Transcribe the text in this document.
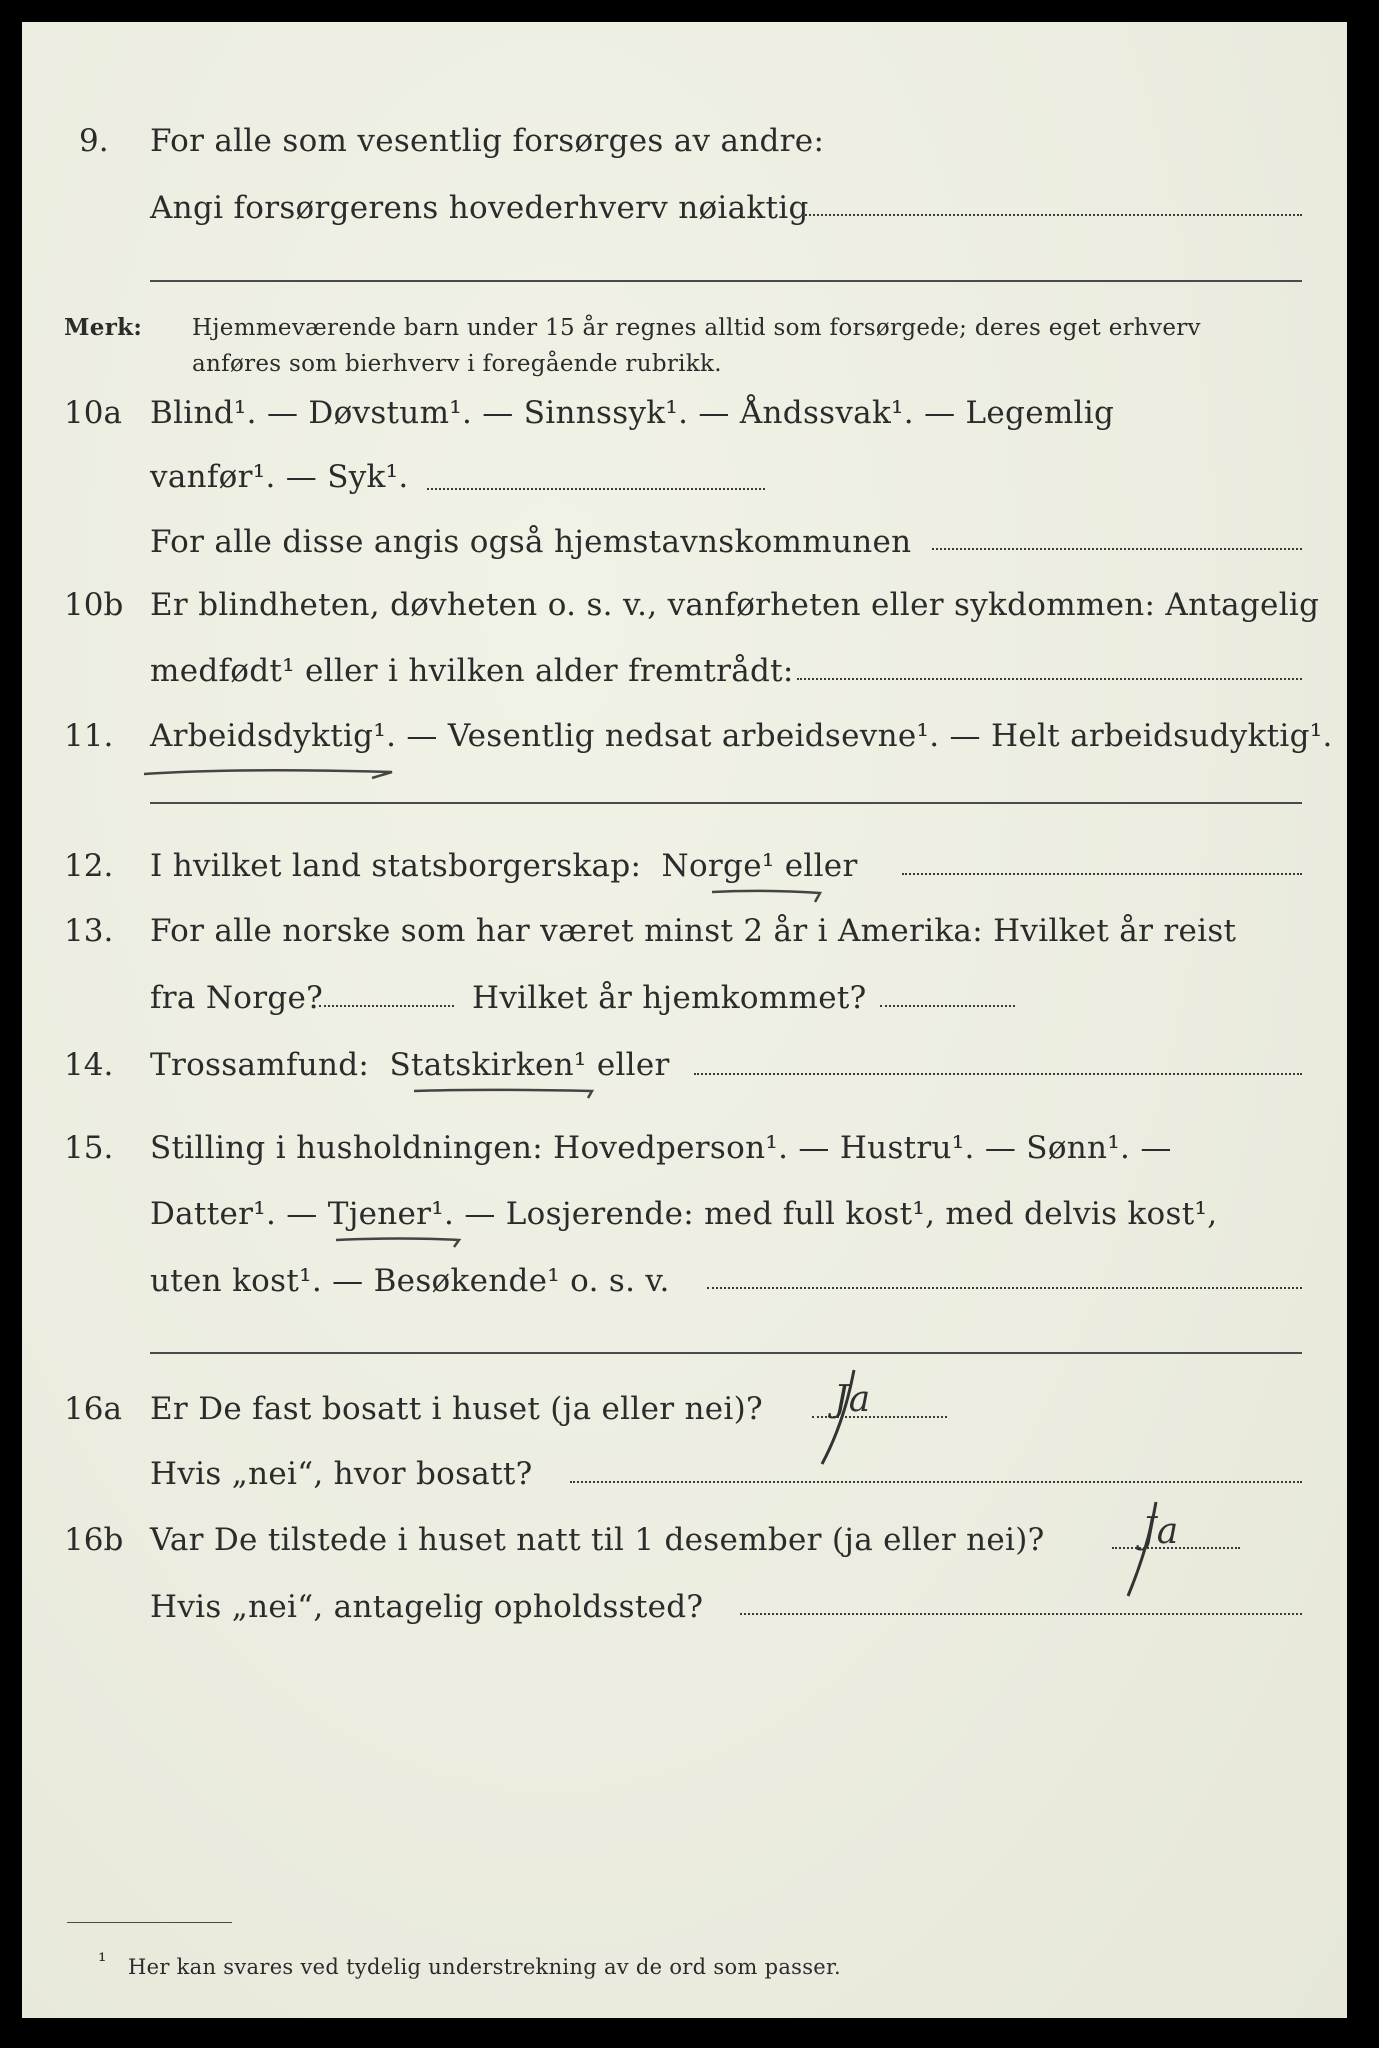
9. For alle som vesentlig forsørges av andre:
Angi forsørgerens hovederhverv nøiaktig
Merk: Hjemmeværende barn under 15 år regnes alltid som forsørgede; deres eget erhverv
anføres som bierhverv i foregående rubrikk.
10a Blind¹. — Døvstum¹. — Sinnssyk¹. — Åndssvak¹. — Legemlig
vanfør¹. — Syk¹.
For alle disse angis også hjemstavnskommunen
10b Er blindheten, døvheten o. s. v., vanførheten eller sykdommen: Antagelig
medfødt¹ eller i hvilken alder fremtrådt:
11. Arbeidsdyktig¹. — Vesentlig nedsat arbeidsevne¹. — Helt arbeidsudyktig¹.
12. I hvilket land statsborgerskap: Norge¹ eller
13. For alle norske som har været minst 2 år i Amerika: Hvilket år reist
fra Norge?	Hvilket år hjemkommet?
14. Trossamfund: Statskirken¹ eller
15. Stilling i husholdningen: Hovedperson¹. — Hustru¹. — Sønn¹. —
Datter¹. — Tjener¹. — Losjerende: med full kost¹, med delvis kost¹,
uten kost¹. — Besøkende¹ o. s. v.
16a Er De fast bosatt i huset (ja eller nei)? Ja
Hvis „nei“, hvor bosatt?
16b Var De tilstede i huset natt til 1 desember (ja eller nei)?	Ja
Hvis „nei“, antagelig opholdssted?
¹ Her kan svares ved tydelig understrekning av de ord som passer.
